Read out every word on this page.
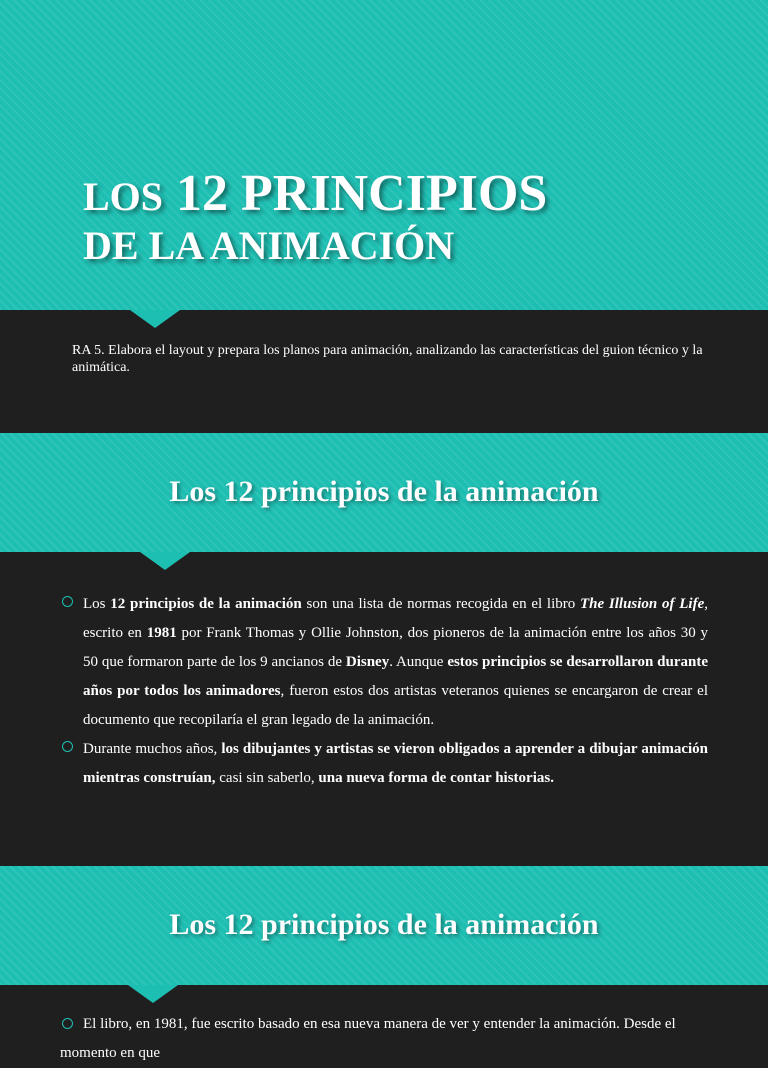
LOS 12 PRINCIPIOS
DE LA ANIMACIÓN

RA 5. Elabora el layout y prepara los planos para animación, analizando las características del guion técnico y la animática.

Los 12 principios de la animación
Los 12 principios de la animación son una lista de normas recogida en el libro The Illusion of Life, escrito en 1981 por Frank Thomas y Ollie Johnston, dos pioneros de la animación entre los años 30 y 50 que formaron parte de los 9 ancianos de Disney. Aunque estos principios se desarrollaron durante años por todos los animadores, fueron estos dos artistas veteranos quienes se encargaron de crear el documento que recopilaría el gran legado de la animación.
Durante muchos años, los dibujantes y artistas se vieron obligados a aprender a dibujar animación mientras construían, casi sin saberlo, una nueva forma de contar historias.
Los 12 principios de la animación
El libro, en 1981, fue escrito basado en esa nueva manera de ver y entender la animación. Desde el momento en que
